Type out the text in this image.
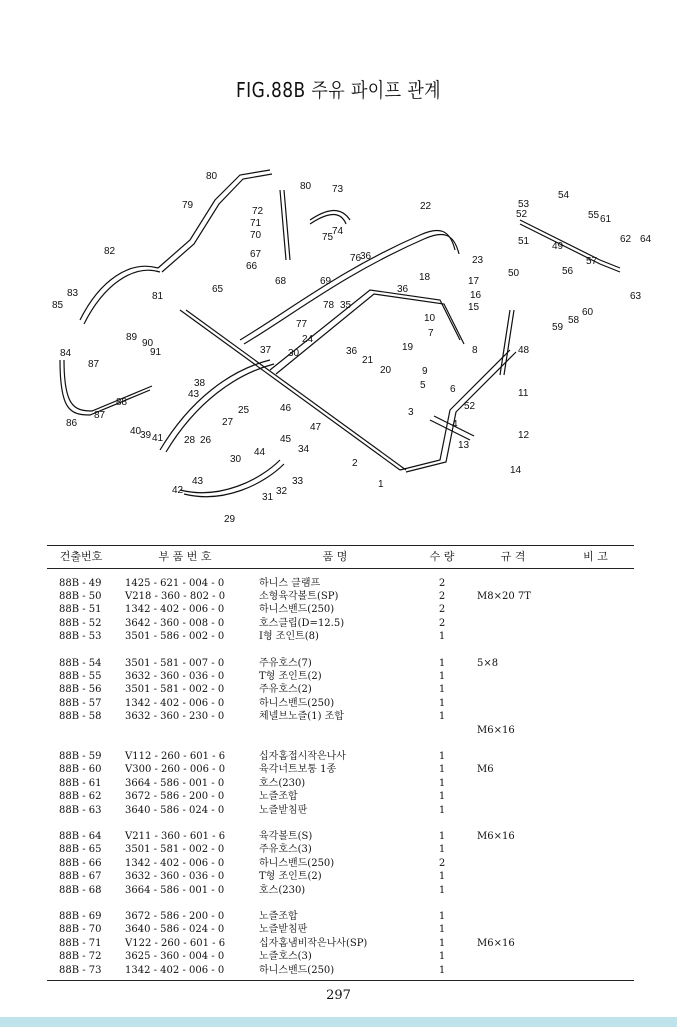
FIG.88B 주유 파이프 관계
1
2
3
4
5 6
7
8
9
10
11
12
13
14
15
16
17
18
19
20
21
22
23
24
25
26
27
28
29
30
30
31
32
33
34
35
36
36
36
37
38
39
40
41
42
43
43
44
45
46
47
48
49
50
51
52
52
53
54
55
56
57
58
59
60
61
62
63
64
65
66
67
68	69
70
71
72
73
74
75
76
77
78
79
80
80
81
82
83
84
85
86
87
87
88
89
90
91
건출번호	부 품 번 호	품 명	수 량	규 격	비 고

88B - 49	1425 - 621 - 004 - 0	하니스 클램프	2		
88B - 50	V218 - 360 - 802 - 0	소형육각볼트(SP)	2	M8×20 7T	
88B - 51	1342 - 402 - 006 - 0	하니스밴드(250)	2		
88B - 52	3642 - 360 - 008 - 0	호스클립(D=12.5)	2		
88B - 53	3501 - 586 - 002 - 0	I형 조인트(8)	1		

88B - 54	3501 - 581 - 007 - 0	주유호스(7)	1	5×8	
88B - 55	3632 - 360 - 036 - 0	T형 조인트(2)	1		
88B - 56	3501 - 581 - 002 - 0	주유호스(2)	1		
88B - 57	1342 - 402 - 006 - 0	하니스밴드(250)	1		
88B - 58	3632 - 360 - 230 - 0	체넬브노즐(1) 조합	1		
				M6×16	

88B - 59	V112 - 260 - 601 - 6	십자홈접시작은나사	1		
88B - 60	V300 - 260 - 006 - 0	육각너트보통 1종	1	M6	
88B - 61	3664 - 586 - 001 - 0	호스(230)	1		
88B - 62	3672 - 586 - 200 - 0	노즐조합	1		
88B - 63	3640 - 586 - 024 - 0	노즐받침판	1		

88B - 64	V211 - 360 - 601 - 6	육각볼트(S)	1	M6×16	
88B - 65	3501 - 581 - 002 - 0	주유호스(3)	1		
88B - 66	1342 - 402 - 006 - 0	하니스밴드(250)	2		
88B - 67	3632 - 360 - 036 - 0	T형 조인트(2)	1		
88B - 68	3664 - 586 - 001 - 0	호스(230)	1		

88B - 69	3672 - 586 - 200 - 0	노즐조합	1		
88B - 70	3640 - 586 - 024 - 0	노즐받침판	1		
88B - 71	V122 - 260 - 601 - 6	십자홈냄비작은나사(SP)	1	M6×16	
88B - 72	3625 - 360 - 004 - 0	노즐호스(3)	1		
88B - 73	1342 - 402 - 006 - 0	하니스밴드(250)	1		
297
